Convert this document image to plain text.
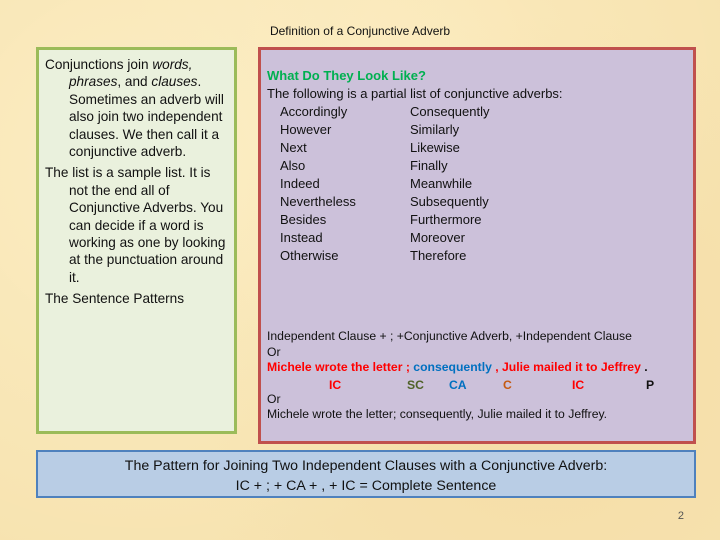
Definition of a Conjunctive Adverb

Conjunctions join words, phrases, and clauses. Sometimes an adverb will also join two independent clauses. We then call it a conjunctive adverb.

The list is a sample list. It is not the end all of Conjunctive Adverbs. You can decide if a word is working as one by looking at the punctuation around it.

The Sentence Patterns

What Do They Look Like?
The following is a partial list of conjunctive adverbs:
Accordingly	Consequently
However	Similarly
Next	Likewise
Also	Finally
Indeed	Meanwhile
Nevertheless	Subsequently
Besides	Furthermore
Instead	Moreover
Otherwise	Therefore
Independent Clause + ; +Conjunctive Adverb, +Independent Clause
Or
Michele wrote the letter ; consequently , Julie mailed it to Jeffrey .
IC	SC CA	C	IC	P
Or
Michele wrote the letter; consequently, Julie mailed it to Jeffrey.
The Pattern for Joining Two Independent Clauses with a Conjunctive Adverb:
IC + ; + CA + , + IC = Complete Sentence
2
